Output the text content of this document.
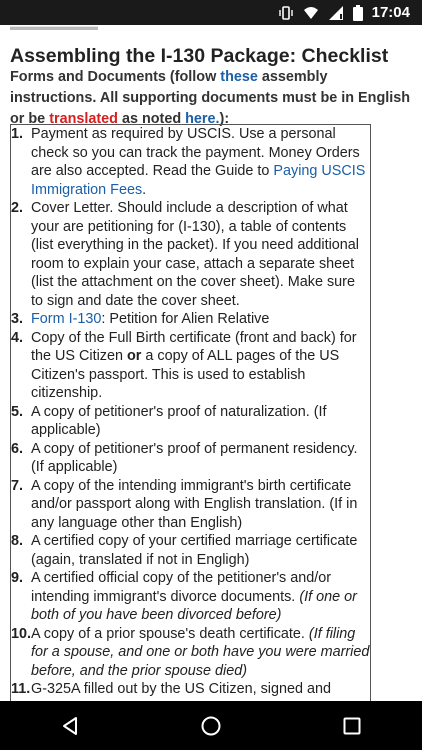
17:04
▬▬▬▬▬▬▬▬
Assembling the I-130 Package: Checklist
Forms and Documents (follow these assembly instructions. All supporting documents must be in English or be translated as noted here.):
1. Payment as required by USCIS. Use a personal check so you can track the payment. Money Orders are also accepted. Read the Guide to Paying USCIS Immigration Fees.
2. Cover Letter. Should include a description of what your are petitioning for (I-130), a table of contents (list everything in the packet). If you need additional room to explain your case, attach a separate sheet (list the attachment on the cover sheet). Make sure to sign and date the cover sheet.
3. Form I-130: Petition for Alien Relative
4. Copy of the Full Birth certificate (front and back) for the US Citizen or a copy of ALL pages of the US Citizen's passport. This is used to establish citizenship.
5. A copy of petitioner's proof of naturalization. (If applicable)
6. A copy of petitioner's proof of permanent residency. (If applicable)
7. A copy of the intending immigrant's birth certificate and/or passport along with English translation. (If in any language other than English)
8. A certified copy of your certified marriage certificate (again, translated if not in Engligh)
9. A certified official copy of the petitioner's and/or intending immigrant's divorce documents. (If one or both of you have been divorced before)
10. A copy of a prior spouse's death certificate. (If filing for a spouse, and one or both have you were married before, and the prior spouse died)
11. G-325A filled out by the US Citizen, signed and
